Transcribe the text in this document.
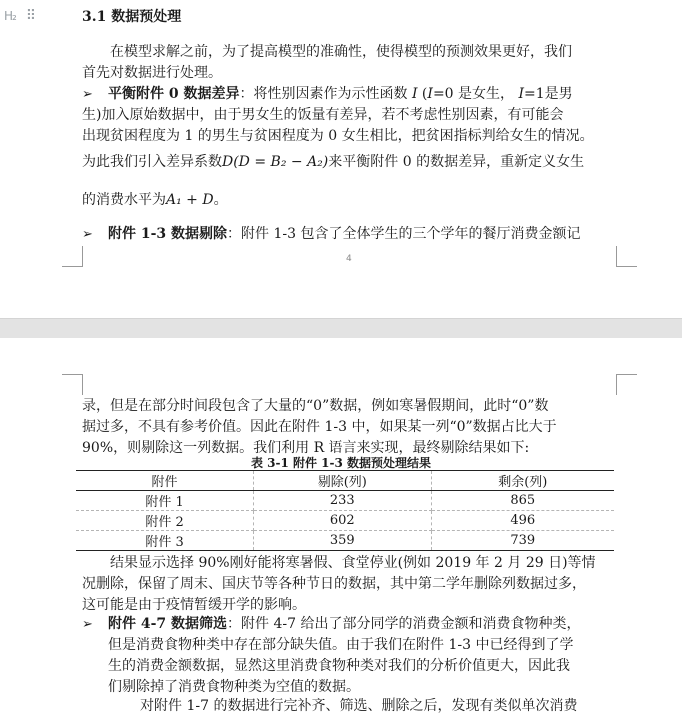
H₂ ⠿	3.1 数据预处理
在模型求解之前，为了提高模型的准确性，使得模型的预测效果更好，我们
首先对数据进行处理。
➢ 平衡附件 0 数据差异：将性别因素作为示性函数 I (I=0 是女生， I=1是男
生)加入原始数据中，由于男女生的饭量有差异，若不考虑性别因素，有可能会
出现贫困程度为 1 的男生与贫困程度为 0 女生相比，把贫困指标判给女生的情况。
为此我们引入差异系数D(D = B₂ − A₂)来平衡附件 0 的数据差异，重新定义女生
的消费水平为A₁ + D。
➢ 附件 1-3 数据剔除：附件 1-3 包含了全体学生的三个学年的餐厅消费金额记
4
录，但是在部分时间段包含了大量的“0”数据，例如寒暑假期间，此时“0”数
据过多，不具有参考价值。因此在附件 1-3 中，如果某一列“0”数据占比大于
90%，则剔除这一列数据。我们利用 R 语言来实现，最终剔除结果如下:
表 3-1 附件 1-3 数据预处理结果
附件	剔除(列)	剩余(列)
附件 1	233	865
附件 2	602	496
附件 3	359	739
结果显示选择 90%刚好能将寒暑假、食堂停业(例如 2019 年 2 月 29 日)等情
况删除，保留了周末、国庆节等各种节日的数据，其中第二学年删除列数据过多，
这可能是由于疫情暂缓开学的影响。
➢ 附件 4-7 数据筛选：附件 4-7 给出了部分同学的消费金额和消费食物种类，
但是消费食物种类中存在部分缺失值。由于我们在附件 1-3 中已经得到了学
生的消费金额数据，显然这里消费食物种类对我们的分析价值更大，因此我
们剔除掉了消费食物种类为空值的数据。
对附件 1-7 的数据进行完补齐、筛选、删除之后，发现有类似单次消费
